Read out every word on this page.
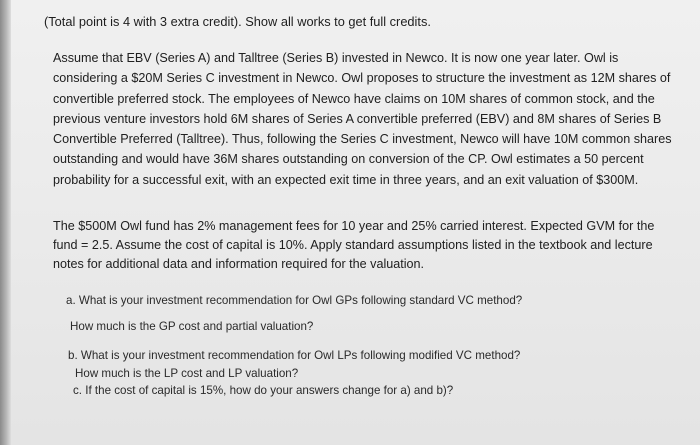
(Total point is 4 with 3 extra credit). Show all works to get full credits.
Assume that EBV (Series A) and Talltree (Series B) invested in Newco. It is now one year later. Owl is considering a $20M Series C investment in Newco. Owl proposes to structure the investment as 12M shares of convertible preferred stock. The employees of Newco have claims on 10M shares of common stock, and the previous venture investors hold 6M shares of Series A convertible preferred (EBV) and 8M shares of Series B Convertible Preferred (Talltree). Thus, following the Series C investment, Newco will have 10M common shares outstanding and would have 36M shares outstanding on conversion of the CP. Owl estimates a 50 percent probability for a successful exit, with an expected exit time in three years, and an exit valuation of $300M.
The $500M Owl fund has 2% management fees for 10 year and 25% carried interest. Expected GVM for the fund = 2.5. Assume the cost of capital is 10%. Apply standard assumptions listed in the textbook and lecture notes for additional data and information required for the valuation.
a. What is your investment recommendation for Owl GPs following standard VC method?
How much is the GP cost and partial valuation?
b. What is your investment recommendation for Owl LPs following modified VC method?
How much is the LP cost and LP valuation?
c. If the cost of capital is 15%, how do your answers change for a) and b)?
